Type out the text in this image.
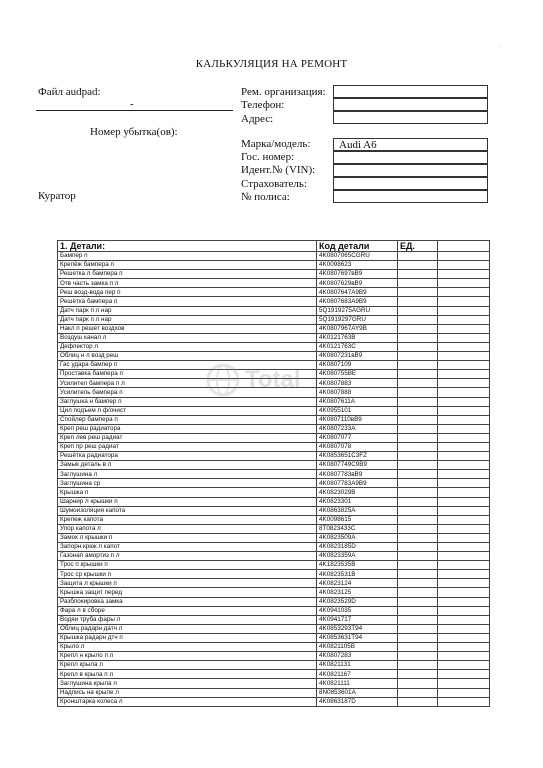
·
КАЛЬКУЛЯЦИЯ НА РЕМОНТ
Файл audpad:
-
Номер убытка(ов):
Куратор
Рем. организация:
Телефон:
Адрес:
Марка/модель:
Гос. номер:
Идент.№ (VIN):
Страхователь:
№ полиса:
Audi A6
1. Детали:	Код детали	ЕД.	
Бампер п	4K0807065CGRU		
Крепёж бампера п	4K0098623		
Решетка л бампера п	4K0807697вB9		
Отв часть замка п л	4K0807629вB9		
Реш возд-вода пер п	4K0807647A9B9		
Решётка бампера п	4K0807683A9B9		
Датч парк п л нар	5Q1919275AGRU		
Датч парк п л нар	5Q1919297GRU		
Накл п решет воздхов	4K0807967AY9B		
Воздуш канал л	4K0121763B		
Дефлектор л	4K0121763C		
Облиц н л возд реш	4K0807231вB9		
Гас удара бампер п	4K0807109		
Проставка бампера п	4K080755BE		
Усилител бампера п л	4K0807883		
Усилитель бампера п	4K0807888		
Заглушка н бампер п	4K0807611A		
Цил подъем л ф/очист	4K0955101		
Спойлер бампера п	4K0807110вB9		
Креп реш радиатора	4K0807233A		
Креп лев реш радиат	4K0807077		
Креп пр реш радиат	4K0807078		
Решётка радиатора	4K0853651C3FZ		
Замык деталь в л	4K0807749C9B9		
Заглушина л	4K0807783вB9		
Заглушина ср	4K0807783A9B9		
Крышка п	4K0823029B		
Шарнир л крышки п	4K0823301		
Шумоизоляция капота	4K0863825A		
Крепеж капота	4K0098615		
Упор капота л	8T0823433C		
Замок л крышки п	4K0823509A		
Запорн крюк л капот	4K0823185D		
Газонап амортиз п л	4K0823359A		
Трос п крышки п	4K1823535B		
Трос ср крышки п	4K0823531B		
Защита л крышки п	4K0823124		
Крышка защит перед	4K0823125		
Разблокировка замка	4K0823529D		
Фара л в сборе	4K0941035		
Водяи труба фары л	4K0941717		
Облиц радарн датч л	4K0853293T94		
Крышка радарн дтч п	4K0853631T94		
Крыло л	4K0821105B		
Крепл н крыло п л	4K0807283		
Крепл крыла л	4K0821131		
Крепл в крыла п л	4K0821167		
Заглушина крыла л	4K0821111		
Надпись на крыле л	8N0853601A		
Кронштарка колеса л	4K0863187D		
Total
